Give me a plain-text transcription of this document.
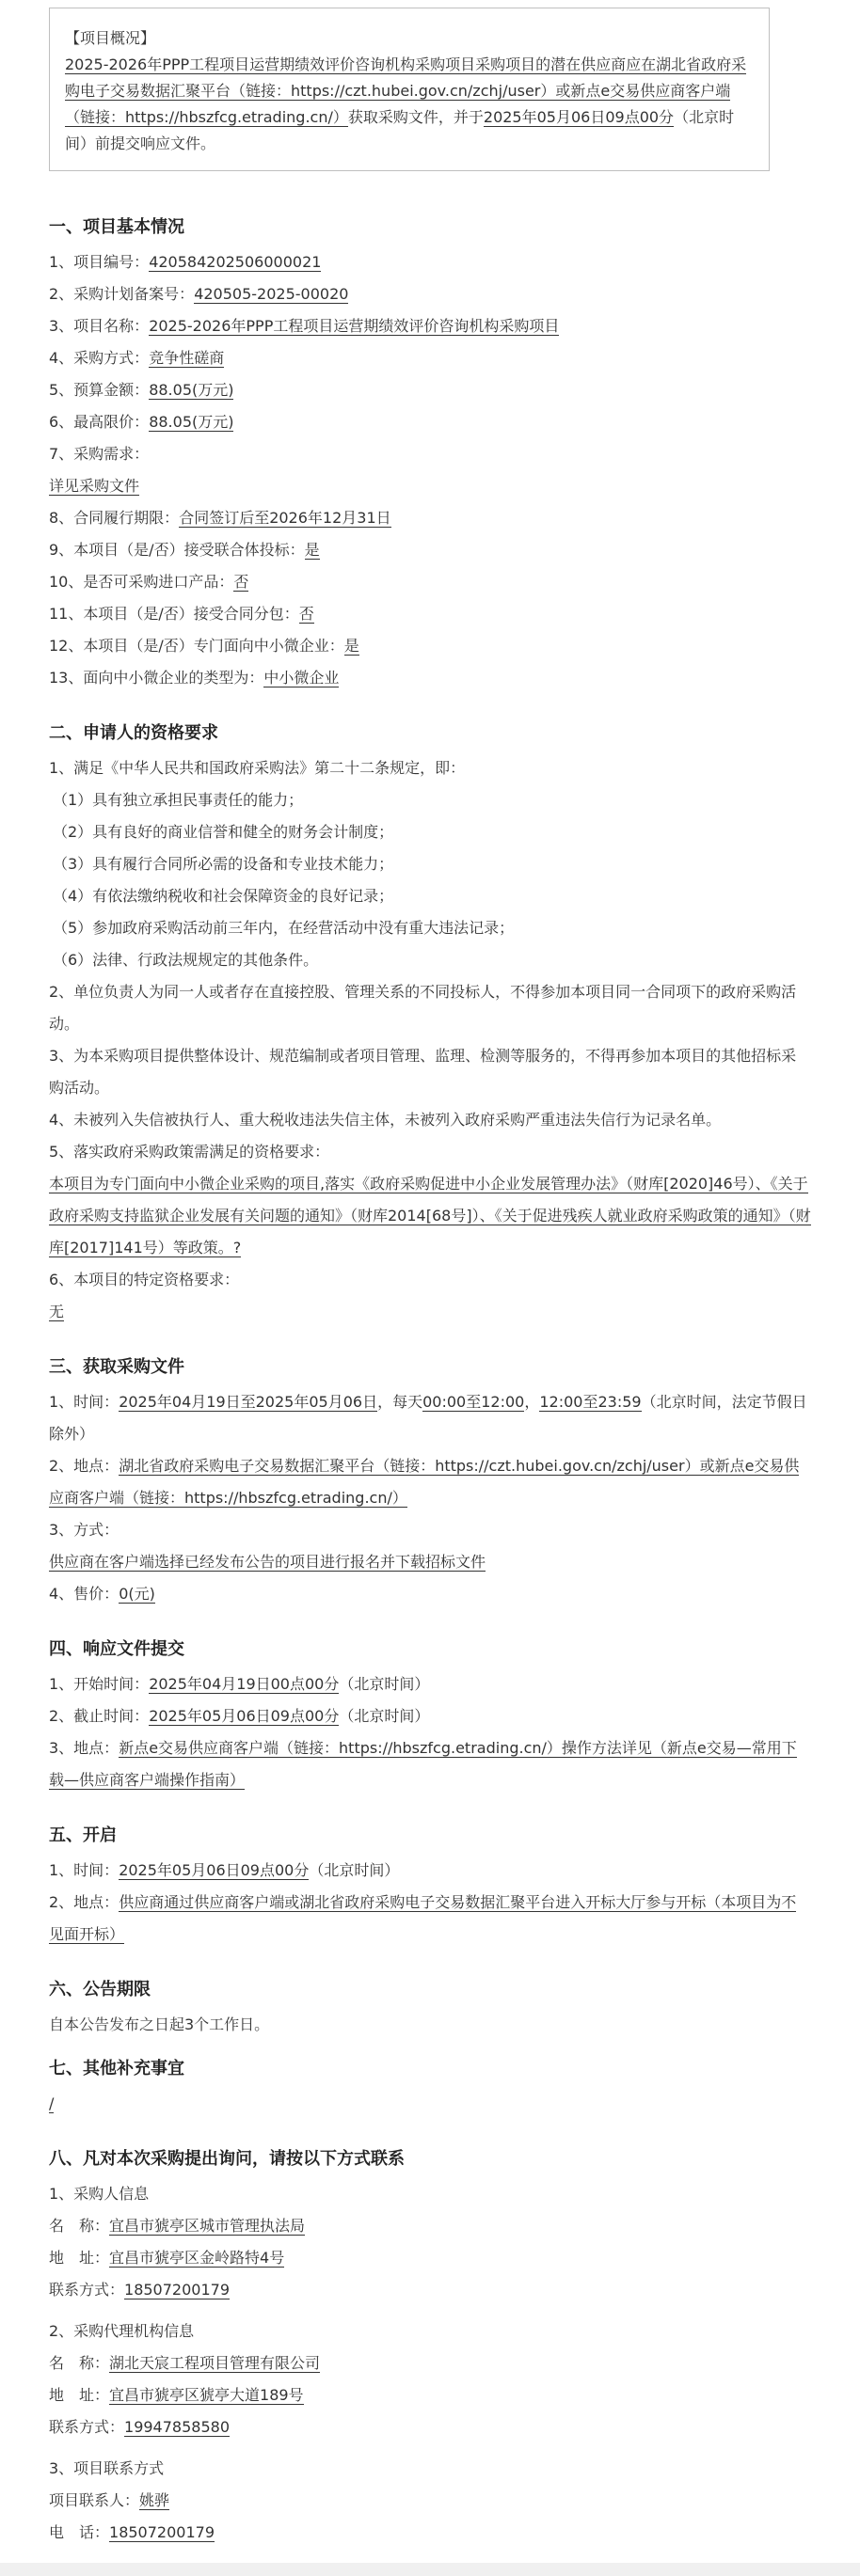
【项目概况】
2025-2026年PPP工程项目运营期绩效评价咨询机构采购项目采购项目的潜在供应商应在湖北省政府采购电子交易数据汇聚平台（链接：https://czt.hubei.gov.cn/zchj/user）或新点e交易供应商客户端（链接：https://hbszfcg.etrading.cn/）获取采购文件，并于2025年05月06日09点00分（北京时间）前提交响应文件。
一、项目基本情况
1、项目编号：420584202506000021
2、采购计划备案号：420505-2025-00020
3、项目名称：2025-2026年PPP工程项目运营期绩效评价咨询机构采购项目
4、采购方式：竞争性磋商
5、预算金额：88.05(万元)
6、最高限价：88.05(万元)
7、采购需求：
详见采购文件
8、合同履行期限：合同签订后至2026年12月31日
9、本项目（是/否）接受联合体投标：是
10、是否可采购进口产品：否
11、本项目（是/否）接受合同分包：否
12、本项目（是/否）专门面向中小微企业：是
13、面向中小微企业的类型为：中小微企业
二、申请人的资格要求
1、满足《中华人民共和国政府采购法》第二十二条规定，即：
（1）具有独立承担民事责任的能力；
（2）具有良好的商业信誉和健全的财务会计制度；
（3）具有履行合同所必需的设备和专业技术能力；
（4）有依法缴纳税收和社会保障资金的良好记录；
（5）参加政府采购活动前三年内，在经营活动中没有重大违法记录；
（6）法律、行政法规规定的其他条件。
2、单位负责人为同一人或者存在直接控股、管理关系的不同投标人，不得参加本项目同一合同项下的政府采购活动。
3、为本采购项目提供整体设计、规范编制或者项目管理、监理、检测等服务的，不得再参加本项目的其他招标采购活动。
4、未被列入失信被执行人、重大税收违法失信主体，未被列入政府采购严重违法失信行为记录名单。
5、落实政府采购政策需满足的资格要求：
本项目为专门面向中小微企业采购的项目,落实《政府采购促进中小企业发展管理办法》（财库[2020]46号）、《关于政府采购支持监狱企业发展有关问题的通知》（财库2014[68号]）、《关于促进残疾人就业政府采购政策的通知》（财库[2017]141号）等政策。?
6、本项目的特定资格要求：
无
三、获取采购文件
1、时间：2025年04月19日至2025年05月06日，每天00:00至12:00，12:00至23:59（北京时间，法定节假日除外）
2、地点：湖北省政府采购电子交易数据汇聚平台（链接：https://czt.hubei.gov.cn/zchj/user）或新点e交易供应商客户端（链接：https://hbszfcg.etrading.cn/）
3、方式：
供应商在客户端选择已经发布公告的项目进行报名并下载招标文件
4、售价：0(元)
四、响应文件提交
1、开始时间：2025年04月19日00点00分（北京时间）
2、截止时间：2025年05月06日09点00分（北京时间）
3、地点：新点e交易供应商客户端（链接：https://hbszfcg.etrading.cn/）操作方法详见（新点e交易—常用下载—供应商客户端操作指南）
五、开启
1、时间：2025年05月06日09点00分（北京时间）
2、地点：供应商通过供应商客户端或湖北省政府采购电子交易数据汇聚平台进入开标大厅参与开标（本项目为不见面开标）
六、公告期限
自本公告发布之日起3个工作日。
七、其他补充事宜
/
八、凡对本次采购提出询问，请按以下方式联系
1、采购人信息
名　称：宜昌市猇亭区城市管理执法局
地　址：宜昌市猇亭区金岭路特4号
联系方式：18507200179
2、采购代理机构信息
名　称：湖北天宸工程项目管理有限公司
地　址：宜昌市猇亭区猇亭大道189号
联系方式：19947858580
3、项目联系方式
项目联系人：姚骅
电　话：18507200179
